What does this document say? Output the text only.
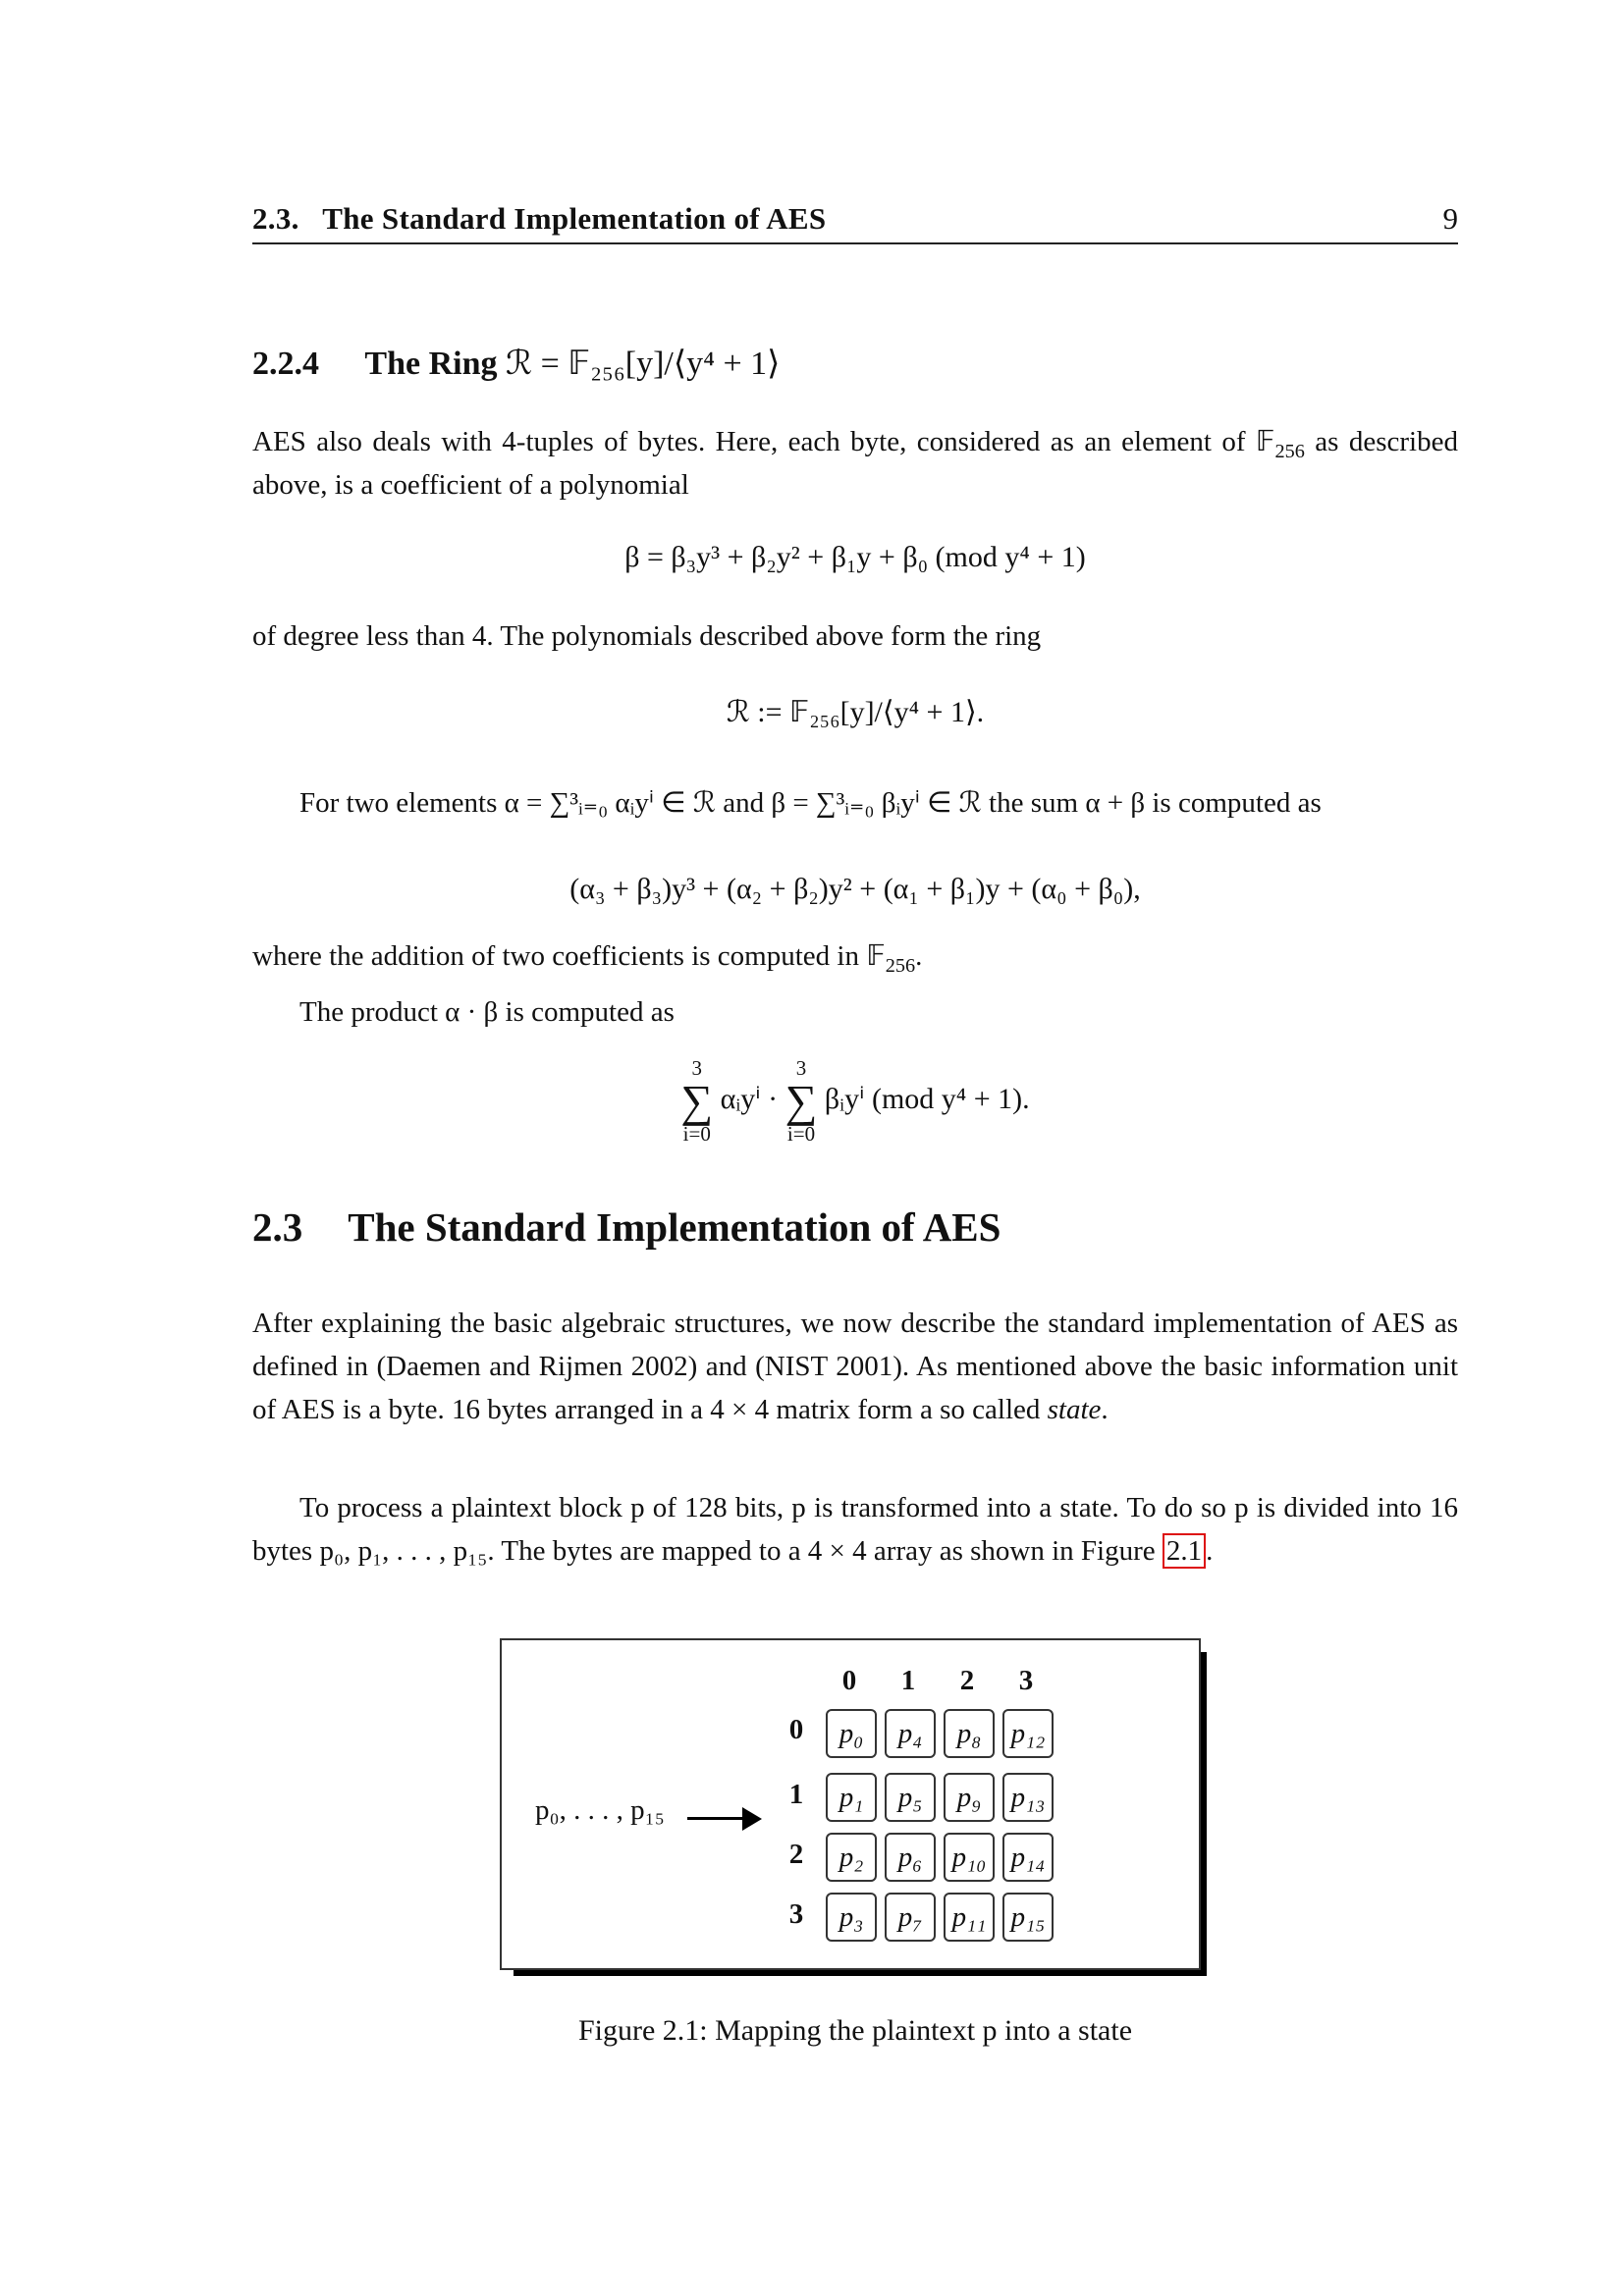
2.3.   The Standard Implementation of AES	9
2.2.4 The Ring ℛ = 𝔽₂₅₆[y]/⟨y⁴ + 1⟩
AES also deals with 4-tuples of bytes. Here, each byte, considered as an element of 𝔽$_{256}$ as described above, is a coefficient of a polynomial
β = β₃y³ + β₂y² + β₁y + β₀ (mod y⁴ + 1)
of degree less than 4. The polynomials described above form the ring
ℛ := 𝔽₂₅₆[y]/⟨y⁴ + 1⟩.
For two elements α = ∑³ᵢ₌₀ αᵢyⁱ ∈ ℛ and β = ∑³ᵢ₌₀ βᵢyⁱ ∈ ℛ the sum α + β is computed as
(α₃ + β₃)y³ + (α₂ + β₂)y² + (α₁ + β₁)y + (α₀ + β₀),
where the addition of two coefficients is computed in 𝔽$_{256}$.
The product α · β is computed as
3
∑
i=0
αᵢyⁱ ·
3
∑
i=0
βᵢyⁱ (mod y⁴ + 1).
2.3 The Standard Implementation of AES
After explaining the basic algebraic structures, we now describe the standard implementation of AES as defined in (Daemen and Rijmen 2002) and (NIST 2001). As mentioned above the basic information unit of AES is a byte. 16 bytes arranged in a 4 × 4 matrix form a so called state.
To process a plaintext block p of 128 bits, p is transformed into a state. To do so p is divided into 16 bytes p₀, p₁, . . . , p₁₅. The bytes are mapped to a 4 × 4 array as shown in Figure 2.1 .
p₀, . . . , p₁₅
0	1	2	3
0
1
2
3
p₀	p₄	p₈	p₁₂
p₁	p₅	p₉	p₁₃
p₂	p₆	p₁₀ p₁₄
p₃	p₇	p₁₁ p₁₅
Figure 2.1: Mapping the plaintext p into a state
